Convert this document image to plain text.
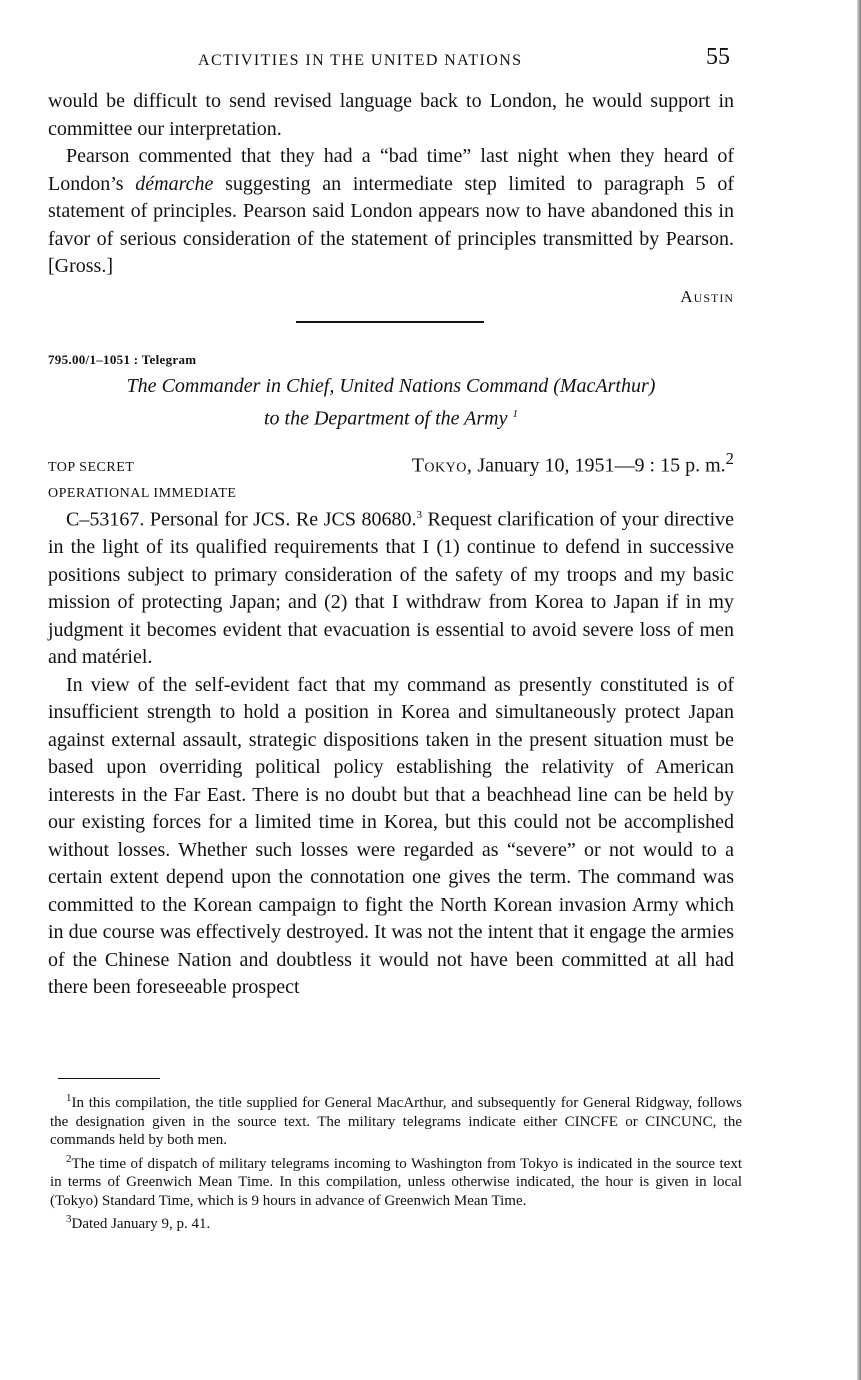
ACTIVITIES IN THE UNITED NATIONS	55

would be difficult to send revised language back to London, he would support in committee our interpretation.

Pearson commented that they had a “bad time” last night when they heard of London’s démarche suggesting an intermediate step limited to paragraph 5 of statement of principles. Pearson said London appears now to have abandoned this in favor of serious consideration of the statement of principles transmitted by Pearson. [Gross.]

Austin
795.00/1–1051 : Telegram
The Commander in Chief, United Nations Command (MacArthur)
to the Department of the Army $^1$
TOP SECRET	Tokyo, January 10, 1951—9 : 15 p. m.$^2$
OPERATIONAL IMMEDIATE

C–53167. Personal for JCS. Re JCS 80680.$^3$ Request clarification of your directive in the light of its qualified requirements that I (1) continue to defend in successive positions subject to primary consideration of the safety of my troops and my basic mission of protecting Japan; and (2) that I withdraw from Korea to Japan if in my judgment it becomes evident that evacuation is essential to avoid severe loss of men and matériel.

In view of the self-evident fact that my command as presently constituted is of insufficient strength to hold a position in Korea and simultaneously protect Japan against external assault, strategic dispositions taken in the present situation must be based upon overriding political policy establishing the relativity of American interests in the Far East. There is no doubt but that a beachhead line can be held by our existing forces for a limited time in Korea, but this could not be accomplished without losses. Whether such losses were regarded as “severe” or not would to a certain extent depend upon the connotation one gives the term. The command was committed to the Korean campaign to fight the North Korean invasion Army which in due course was effectively destroyed. It was not the intent that it engage the armies of the Chinese Nation and doubtless it would not have been committed at all had there been foreseeable prospect

$^1$In this compilation, the title supplied for General MacArthur, and subsequently for General Ridgway, follows the designation given in the source text. The military telegrams indicate either CINCFE or CINCUNC, the commands held by both men.

$^2$The time of dispatch of military telegrams incoming to Washington from Tokyo is indicated in the source text in terms of Greenwich Mean Time. In this compilation, unless otherwise indicated, the hour is given in local (Tokyo) Standard Time, which is 9 hours in advance of Greenwich Mean Time.

$^3$Dated January 9, p. 41.
